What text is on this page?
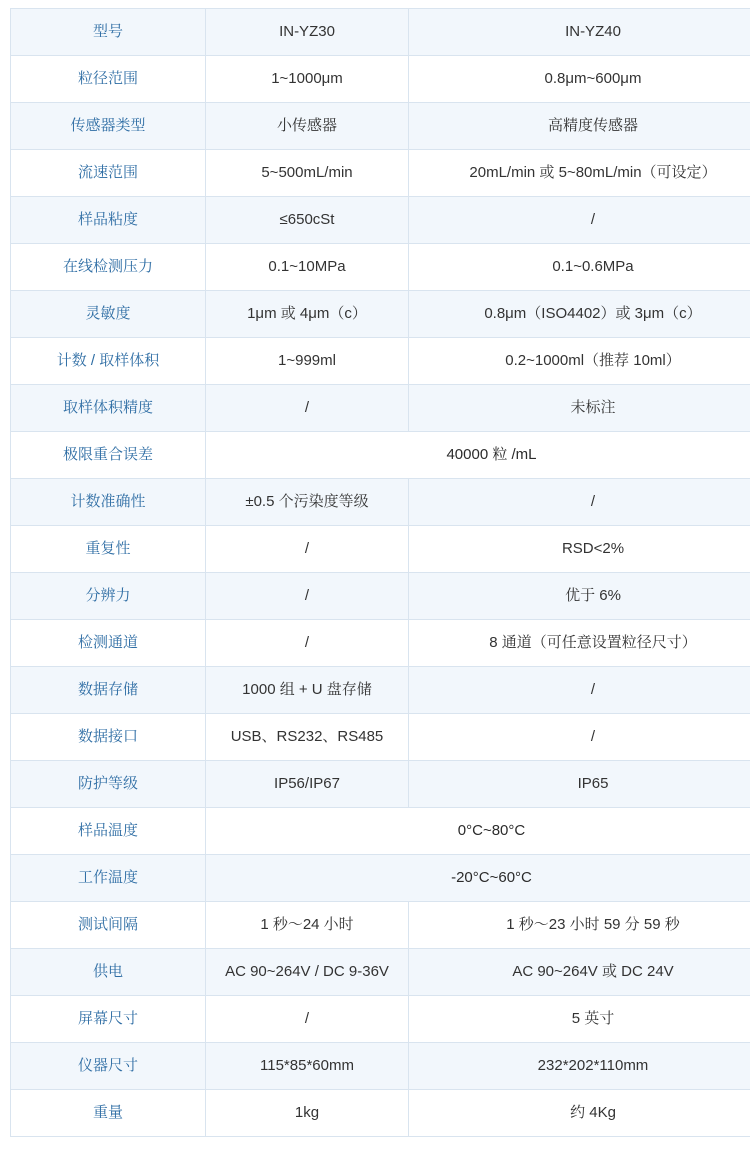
型号	IN-YZ30	IN-YZ40
粒径范围	1~1000μm	0.8μm~600μm
传感器类型	小传感器	高精度传感器
流速范围	5~500mL/min	20mL/min 或 5~80mL/min（可设定）
样品粘度	≤650cSt	/
在线检测压力	0.1~10MPa	0.1~0.6MPa
灵敏度	1μm 或 4μm（c）	0.8μm（ISO4402）或 3μm（c）
计数 / 取样体积	1~999ml	0.2~1000ml（推荐 10ml）
取样体积精度	/	未标注
极限重合误差	40000 粒 /mL	
计数准确性	±0.5 个污染度等级	/
重复性	/	RSD<2%
分辨力	/	优于 6%
检测通道	/	8 通道（可任意设置粒径尺寸）
数据存储	1000 组 + U 盘存储	/
数据接口	USB、RS232、RS485	/
防护等级	IP56/IP67	IP65
样品温度	0°C~80°C	
工作温度	-20°C~60°C	
测试间隔	1 秒～24 小时	1 秒～23 小时 59 分 59 秒
供电	AC 90~264V / DC 9-36V	AC 90~264V 或 DC 24V
屏幕尺寸	/	5 英寸
仪器尺寸	115*85*60mm	232*202*110mm
重量	1kg	约 4Kg
